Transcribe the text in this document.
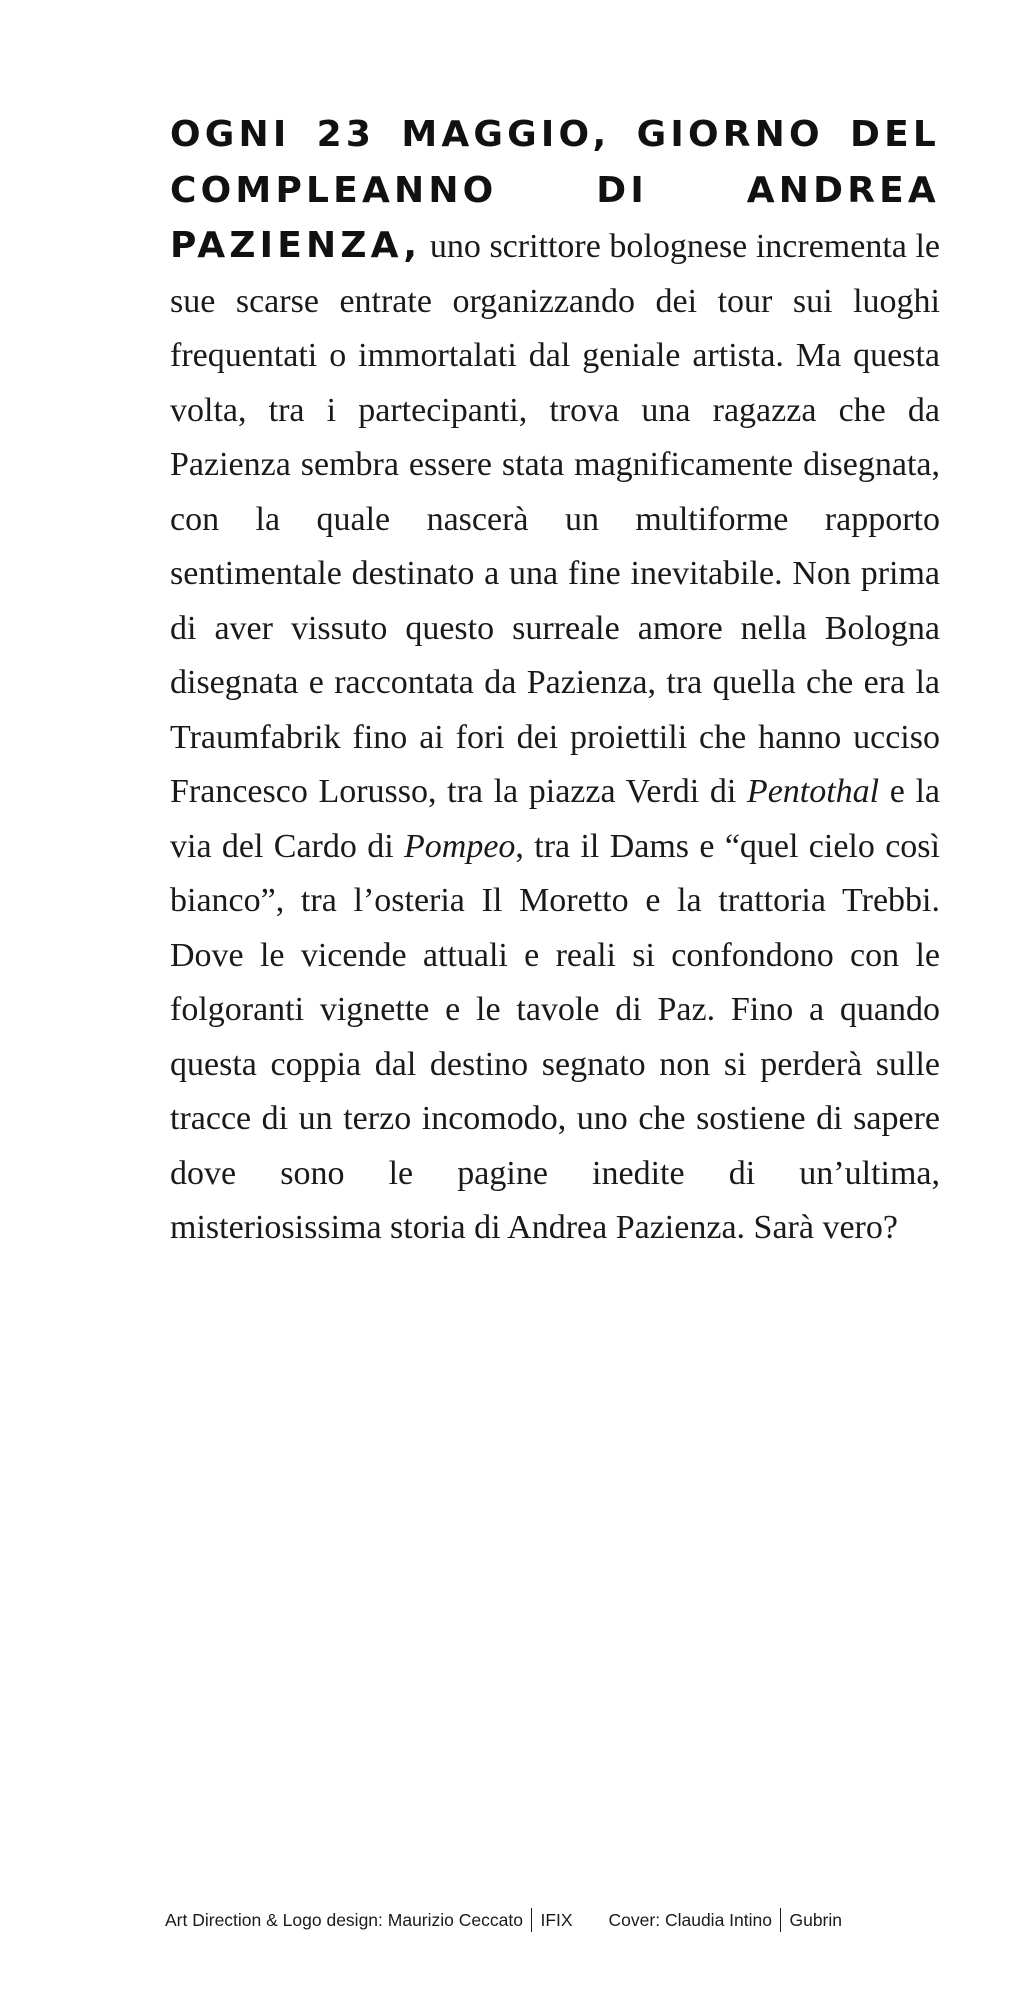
OGNI 23 MAGGIO, GIORNO DEL COMPLEANNO DI ANDREA PAZIENZA, uno scrittore bolognese incrementa le sue scarse entrate organizzando dei tour sui luoghi frequentati o immortalati dal geniale artista. Ma questa volta, tra i partecipanti, trova una ragazza che da Pazienza sembra essere stata magnificamente disegnata, con la quale nascerà un multiforme rapporto sentimentale destinato a una fine inevitabile. Non prima di aver vissuto questo surreale amore nella Bologna disegnata e raccontata da Pazienza, tra quella che era la Traumfabrik fino ai fori dei proiettili che hanno ucciso Francesco Lorusso, tra la piazza Verdi di Pentothal e la via del Cardo di Pompeo, tra il Dams e “quel cielo così bianco”, tra l’osteria Il Moretto e la trattoria Trebbi. Dove le vicende attuali e reali si confondono con le folgoranti vignette e le tavole di Paz. Fino a quando questa coppia dal destino segnato non si perderà sulle tracce di un terzo incomodo, uno che sostiene di sapere dove sono le pagine inedite di un’ultima, misteriosissima storia di Andrea Pazienza. Sarà vero?
Art Direction & Logo design: Maurizio Ceccato IFIX Cover: Claudia Intino Gubrin
